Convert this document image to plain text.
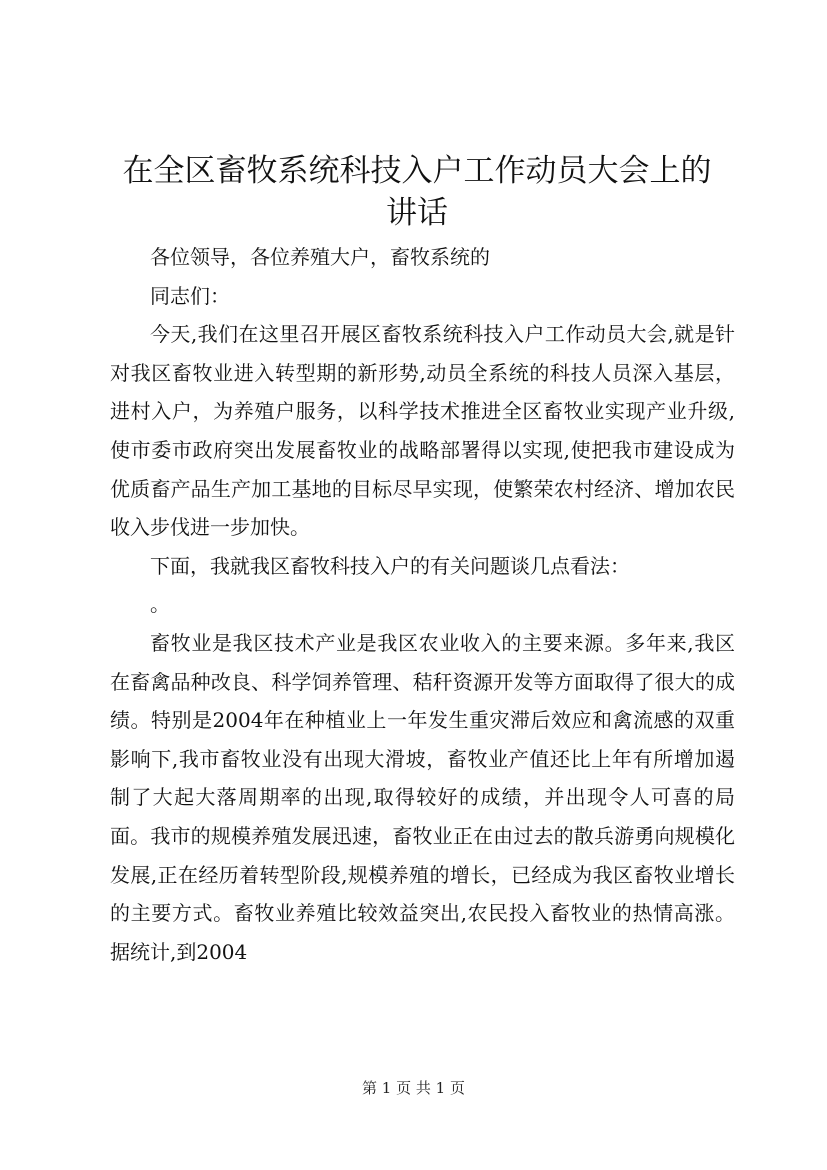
在全区畜牧系统科技入户工作动员大会上的讲话

各位领导，各位养殖大户，畜牧系统的

同志们：

今天,我们在这里召开展区畜牧系统科技入户工作动员大会,就是针对我区畜牧业进入转型期的新形势,动员全系统的科技人员深入基层，进村入户，为养殖户服务，以科学技术推进全区畜牧业实现产业升级,使市委市政府突出发展畜牧业的战略部署得以实现,使把我市建设成为优质畜产品生产加工基地的目标尽早实现，使繁荣农村经济、增加农民收入步伐进一步加快。

下面，我就我区畜牧科技入户的有关问题谈几点看法：

。

畜牧业是我区技术产业是我区农业收入的主要来源。多年来,我区在畜禽品种改良、科学饲养管理、秸秆资源开发等方面取得了很大的成绩。特别是2004年在种植业上一年发生重灾滞后效应和禽流感的双重影响下,我市畜牧业没有出现大滑坡，畜牧业产值还比上年有所增加遏制了大起大落周期率的出现,取得较好的成绩，并出现令人可喜的局面。我市的规模养殖发展迅速，畜牧业正在由过去的散兵游勇向规模化发展,正在经历着转型阶段,规模养殖的增长，已经成为我区畜牧业增长的主要方式。畜牧业养殖比较效益突出,农民投入畜牧业的热情高涨。据统计,到2004

第 1 页 共 1 页
